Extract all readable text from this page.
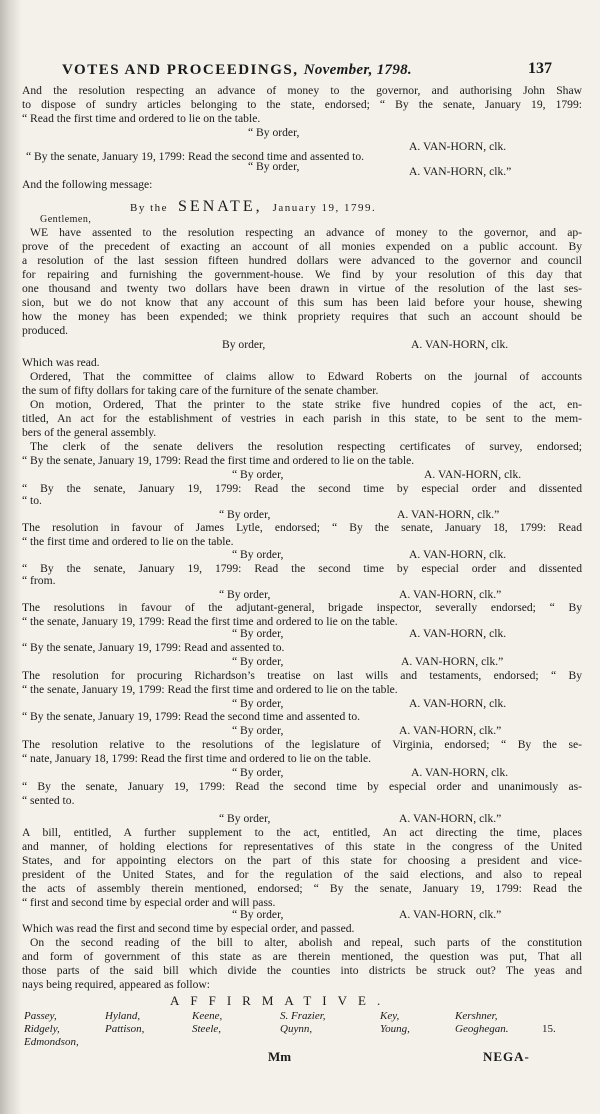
VOTES AND PROCEEDINGS, November, 1798.	137
And the resolution respecting an advance of money to the governor, and authorising John Shaw
to dispose of sundry articles belonging to the state, endorsed; “ By the senate, January 19, 1799:
“ Read the first time and ordered to lie on the table.
“ By order,
A. VAN-HORN, clk.
“ By the senate, January 19, 1799: Read the second time and assented to.
“ By order,	A. VAN-HORN, clk.”
And the following message:
By the SENATE, January 19, 1799.
Gentlemen,
WE have assented to the resolution respecting an advance of money to the governor, and ap-
prove of the precedent of exacting an account of all monies expended on a public account. By
a resolution of the last session fifteen hundred dollars were advanced to the governor and council
for repairing and furnishing the government-house. We find by your resolution of this day that
one thousand and twenty two dollars have been drawn in virtue of the resolution of the last ses-
sion, but we do not know that any account of this sum has been laid before your house, shewing
how the money has been expended; we think propriety requires that such an account should be
produced.
By order,	A. VAN-HORN, clk.
Which was read.
Ordered, That the committee of claims allow to Edward Roberts on the journal of accounts
the sum of fifty dollars for taking care of the furniture of the senate chamber.
On motion, Ordered, That the printer to the state strike five hundred copies of the act, en-
titled, An act for the establishment of vestries in each parish in this state, to be sent to the mem-
bers of the general assembly.
The clerk of the senate delivers the resolution respecting certificates of survey, endorsed;
“ By the senate, January 19, 1799: Read the first time and ordered to lie on the table.
“ By order,	A. VAN-HORN, clk.
“ By the senate, January 19, 1799: Read the second time by especial order and dissented
“ to.
“ By order,	A. VAN-HORN, clk.”
The resolution in favour of James Lytle, endorsed; “ By the senate, January 18, 1799: Read
“ the first time and ordered to lie on the table.
“ By order,	A. VAN-HORN, clk.
“ By the senate, January 19, 1799: Read the second time by especial order and dissented
“ from.
“ By order,	A. VAN-HORN, clk.”
The resolutions in favour of the adjutant-general, brigade inspector, severally endorsed; “ By
“ the senate, January 19, 1799: Read the first time and ordered to lie on the table.
“ By order,	A. VAN-HORN, clk.
“ By the senate, January 19, 1799: Read and assented to.
“ By order,	A. VAN-HORN, clk.”
The resolution for procuring Richardson’s treatise on last wills and testaments, endorsed; “ By
“ the senate, January 19, 1799: Read the first time and ordered to lie on the table.
“ By order,	A. VAN-HORN, clk.
“ By the senate, January 19, 1799: Read the second time and assented to.
“ By order,	A. VAN-HORN, clk.”
The resolution relative to the resolutions of the legislature of Virginia, endorsed; “ By the se-
“ nate, January 18, 1799: Read the first time and ordered to lie on the table.
“ By order,	A. VAN-HORN, clk.
“ By the senate, January 19, 1799: Read the second time by especial order and unanimously as-
“ sented to.
“ By order,	A. VAN-HORN, clk.”
A bill, entitled, A further supplement to the act, entitled, An act directing the time, places
and manner, of holding elections for representatives of this state in the congress of the United
States, and for appointing electors on the part of this state for choosing a president and vice-
president of the United States, and for the regulation of the said elections, and also to repeal
the acts of assembly therein mentioned, endorsed; “ By the senate, January 19, 1799: Read the
“ first and second time by especial order and will pass.
“ By order,	A. VAN-HORN, clk.”
Which was read the first and second time by especial order, and passed.
On the second reading of the bill to alter, abolish and repeal, such parts of the constitution
and form of government of this state as are therein mentioned, the question was put, That all
those parts of the said bill which divide the counties into districts be struck out? The yeas and
nays being required, appeared as follow:
AFFIRMATIVE.
Passey,	Hyland,	Keene,	S. Frazier,	Key,	Kershner,
Ridgely,	Pattison,	Steele,	Quynn,	Young,	Geoghegan.	15.
Edmondson,
Mm	NEGA-
